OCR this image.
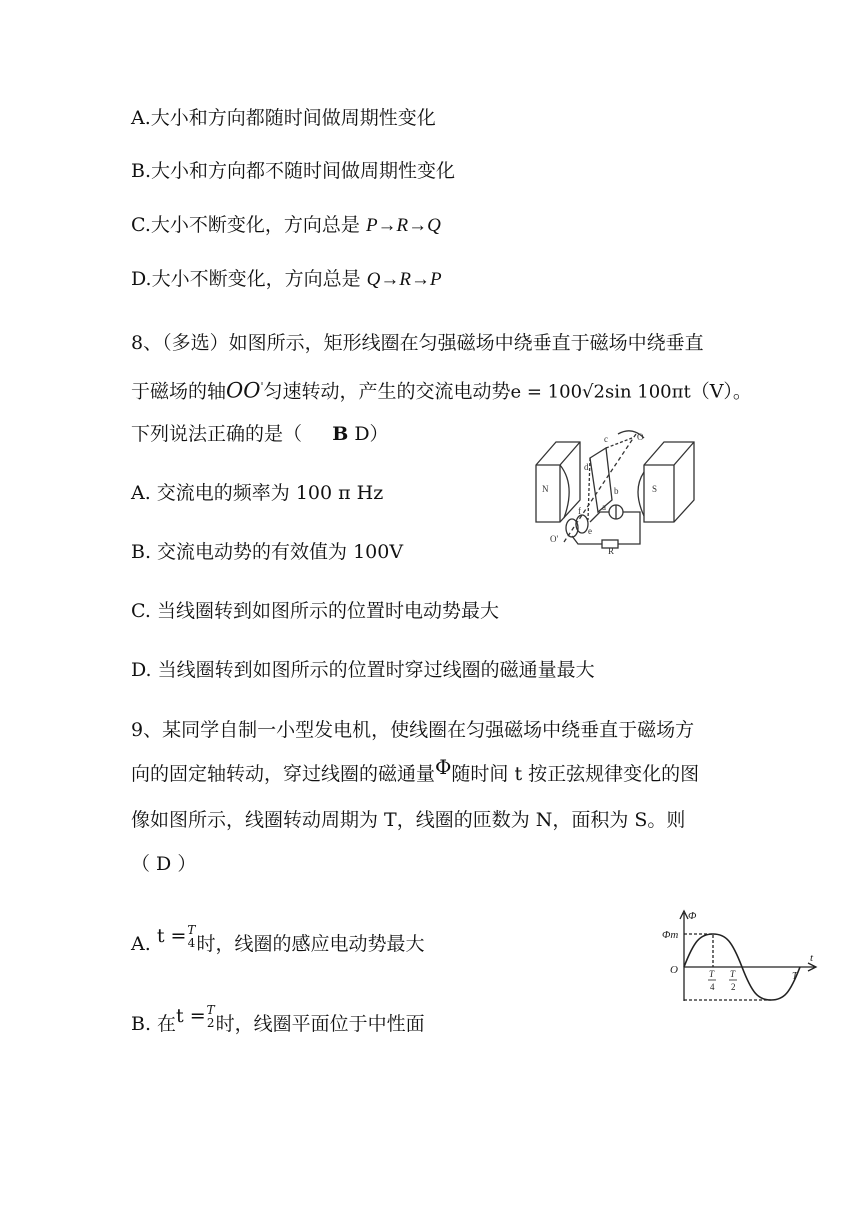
A.大小和方向都随时间做周期性变化
B.大小和方向都不随时间做周期性变化
C.大小不断变化，方向总是 P→R→Q
D.大小不断变化，方向总是 Q→R→P
8、（多选）如图所示，矩形线圈在匀强磁场中绕垂直于磁场中绕垂直
于磁场的轴OO'匀速转动，产生的交流电动势e = 100√2sin 100πt（V）。
下列说法正确的是（ B D）
A. 交流电的频率为 100 π Hz
B. 交流电动势的有效值为 100V
C. 当线圈转到如图所示的位置时电动势最大
D. 当线圈转到如图所示的位置时穿过线圈的磁通量最大
N	S
c	O
d
b
a
f
e
R
O'
9、某同学自制一小型发电机，使线圈在匀强磁场中绕垂直于磁场方
向的固定轴转动，穿过线圈的磁通量Φ随时间 t 按正弦规律变化的图
像如图所示，线圈转动周期为 T，线圈的匝数为 N，面积为 S。则
（ D ）
A. t = T
4 时，线圈的感应电动势最大
B. 在t = T
2 时，线圈平面位于中性面
Φ
Φm
O
t
T
4
T
2
T
